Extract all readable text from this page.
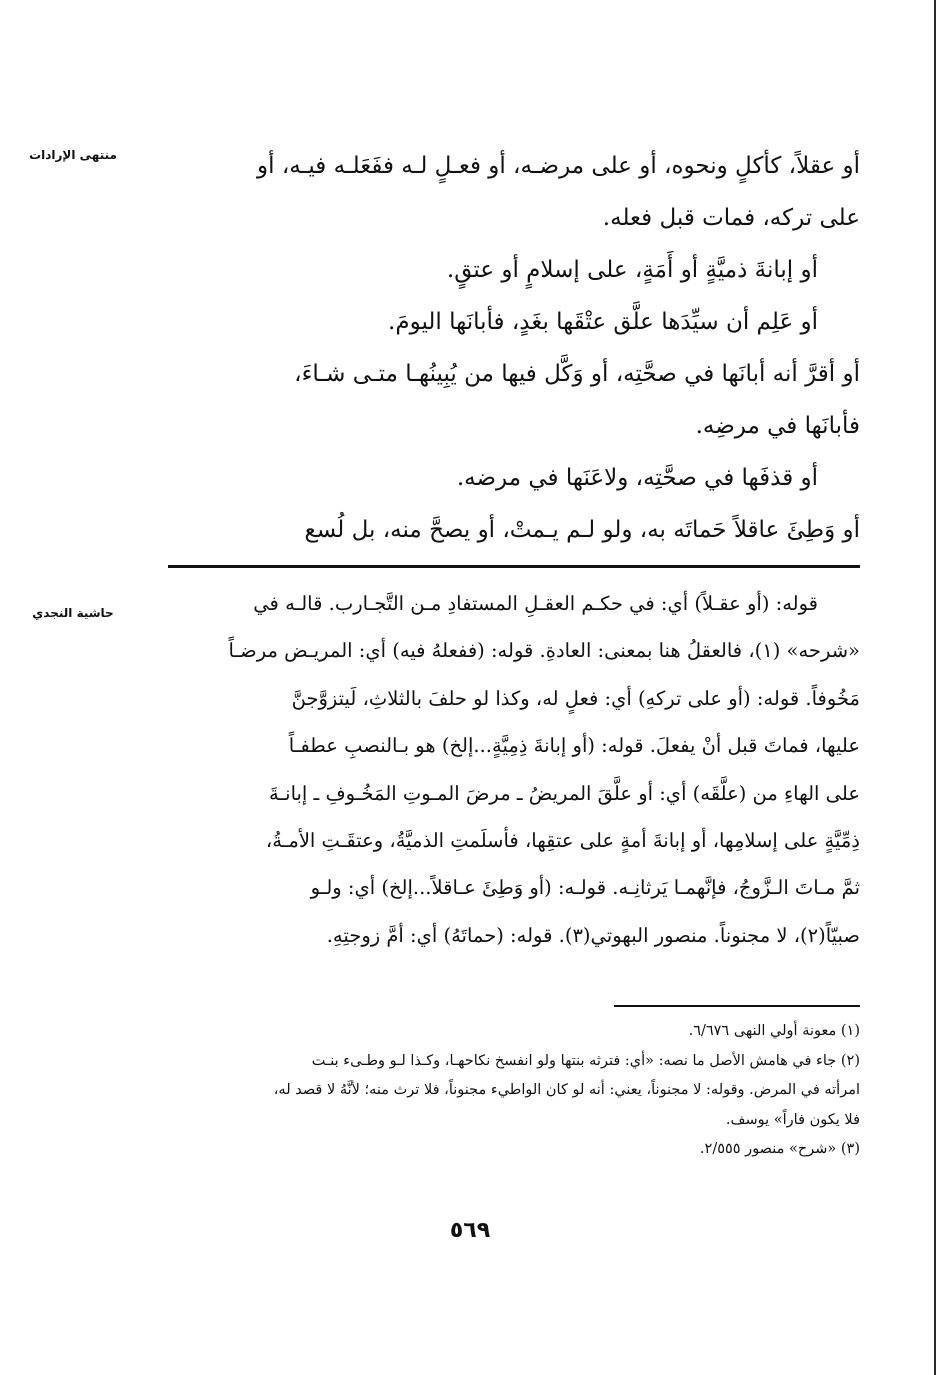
منتهى الإرادات
حاشية النجدي
أو عقلاً، كأكلٍ ونحوه، أو على مرضـه، أو فعـلٍ لـه ففَعَلـه فيـه، أو
على تركه، فمات قبل فعله.
أو إبانةَ ذميَّةٍ أو أَمَةٍ، على إسلامٍ أو عتقٍ.
أو عَلِم أن سيِّدَها علَّق عتْقَها بغَدٍ، فأبانَها اليومَ.
أو أقرَّ أنه أبانَها في صحَّتِه، أو وَكَّل فيها من يُبِينُهـا متـى شـاءَ،
فأبانَها في مرضِه.
أو قذفَها في صحَّتِه، ولاعَنَها في مرضه.
أو وَطِئَ عاقلاً حَماتَه به، ولو لـم يـمتْ، أو يصحَّ منه، بل لُسع
قوله: (أو عقـلاً) أي: في حكـم العقـلِ المستفادِ مـن التَّجـارب. قالـه في
«شرحه» (١)، فالعقلُ هنا بمعنى: العادةِ. قوله: (ففعلهُ فيه) أي: المريـض مرضـاً
مَخُوفاً. قوله: (أو على تركهِ) أي: فعلٍ له، وكذا لو حلفَ بالثلاثِ، لَيتزوَّجنَّ
عليها، فماتَ قبل أنْ يفعلَ. قوله: (أو إبانةَ ذِمِيَّةٍ...إلخ) هو بـالنصبِ عطفـاً
على الهاءِ من (علَّقَه) أي: أو علَّقَ المريضُ ـ مرضَ المـوتِ المَخُـوفِ ـ إبانـةَ
ذِمِّيَّةٍ على إسلامِها، أو إبانةَ أمةٍ على عتقِها، فأسلَمتِ الذميَّةُ، وعتقَـتِ الأمـةُ،
ثمَّ مـاتَ الـزَّوجُ، فإنَّهمـا يَرثانِـه. قولـه: (أو وَطِئَ عـاقلاً...إلخ) أي: ولـو
صبيّاً(٢)، لا مجنوناً. منصور البهوتي(٣). قوله: (حماتَهُ) أي: أمَّ زوجتِهِ.
(١) معونة أولي النهى ٦/٦٧٦.
(٢) جاء في هامش الأصل ما نصه: «أي: فترثه بنتها ولو انفسخ نكاحهـا، وكـذا لـو وطـىء بنـت
امرأته في المرض. وقوله: لا مجنوناً، يعني: أنه لو كان الواطيء مجنوناً، فلا ترث منه؛ لأنَّهُ لا قصد له،
فلا يكون فاراً» يوسف.
(٣) «شرح» منصور ٢/٥٥٥.
٥٦٩
